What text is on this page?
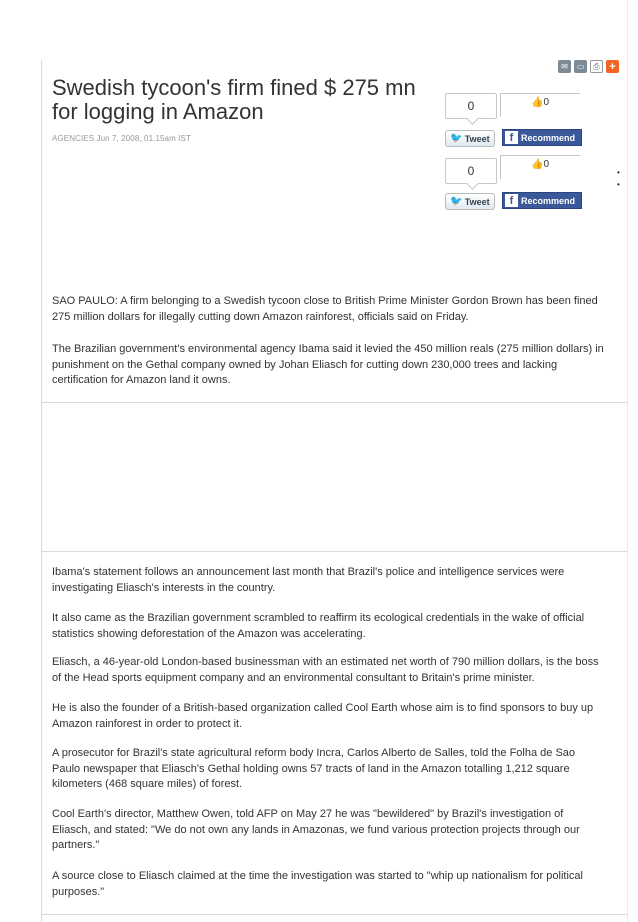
✉	▭	⎙ +
Swedish tycoon's firm fined $ 275 mn for logging in Amazon
AGENCIES Jun 7, 2008, 01.15am IST
0	👍 0
🐦 Tweet	f Recommend
0	👍 0
🐦 Tweet	f Recommend
•
•

SAO PAULO: A firm belonging to a Swedish tycoon close to British Prime Minister Gordon Brown has been fined 275 million dollars for illegally cutting down Amazon rainforest, officials said on Friday.

The Brazilian government's environmental agency Ibama said it levied the 450 million reals (275 million dollars) in punishment on the Gethal company owned by Johan Eliasch for cutting down 230,000 trees and lacking certification for Amazon land it owns.

Ibama's statement follows an announcement last month that Brazil's police and intelligence services were investigating Eliasch's interests in the country.

It also came as the Brazilian government scrambled to reaffirm its ecological credentials in the wake of official statistics showing deforestation of the Amazon was accelerating.

Eliasch, a 46-year-old London-based businessman with an estimated net worth of 790 million dollars, is the boss of the Head sports equipment company and an environmental consultant to Britain's prime minister.

He is also the founder of a British-based organization called Cool Earth whose aim is to find sponsors to buy up Amazon rainforest in order to protect it.

A prosecutor for Brazil's state agricultural reform body Incra, Carlos Alberto de Salles, told the Folha de Sao Paulo newspaper that Eliasch's Gethal holding owns 57 tracts of land in the Amazon totalling 1,212 square kilometers (468 square miles) of forest.

Cool Earth's director, Matthew Owen, told AFP on May 27 he was "bewildered" by Brazil's investigation of Eliasch, and stated: "We do not own any lands in Amazonas, we fund various protection projects through our partners."

A source close to Eliasch claimed at the time the investigation was started to "whip up nationalism for political purposes."
